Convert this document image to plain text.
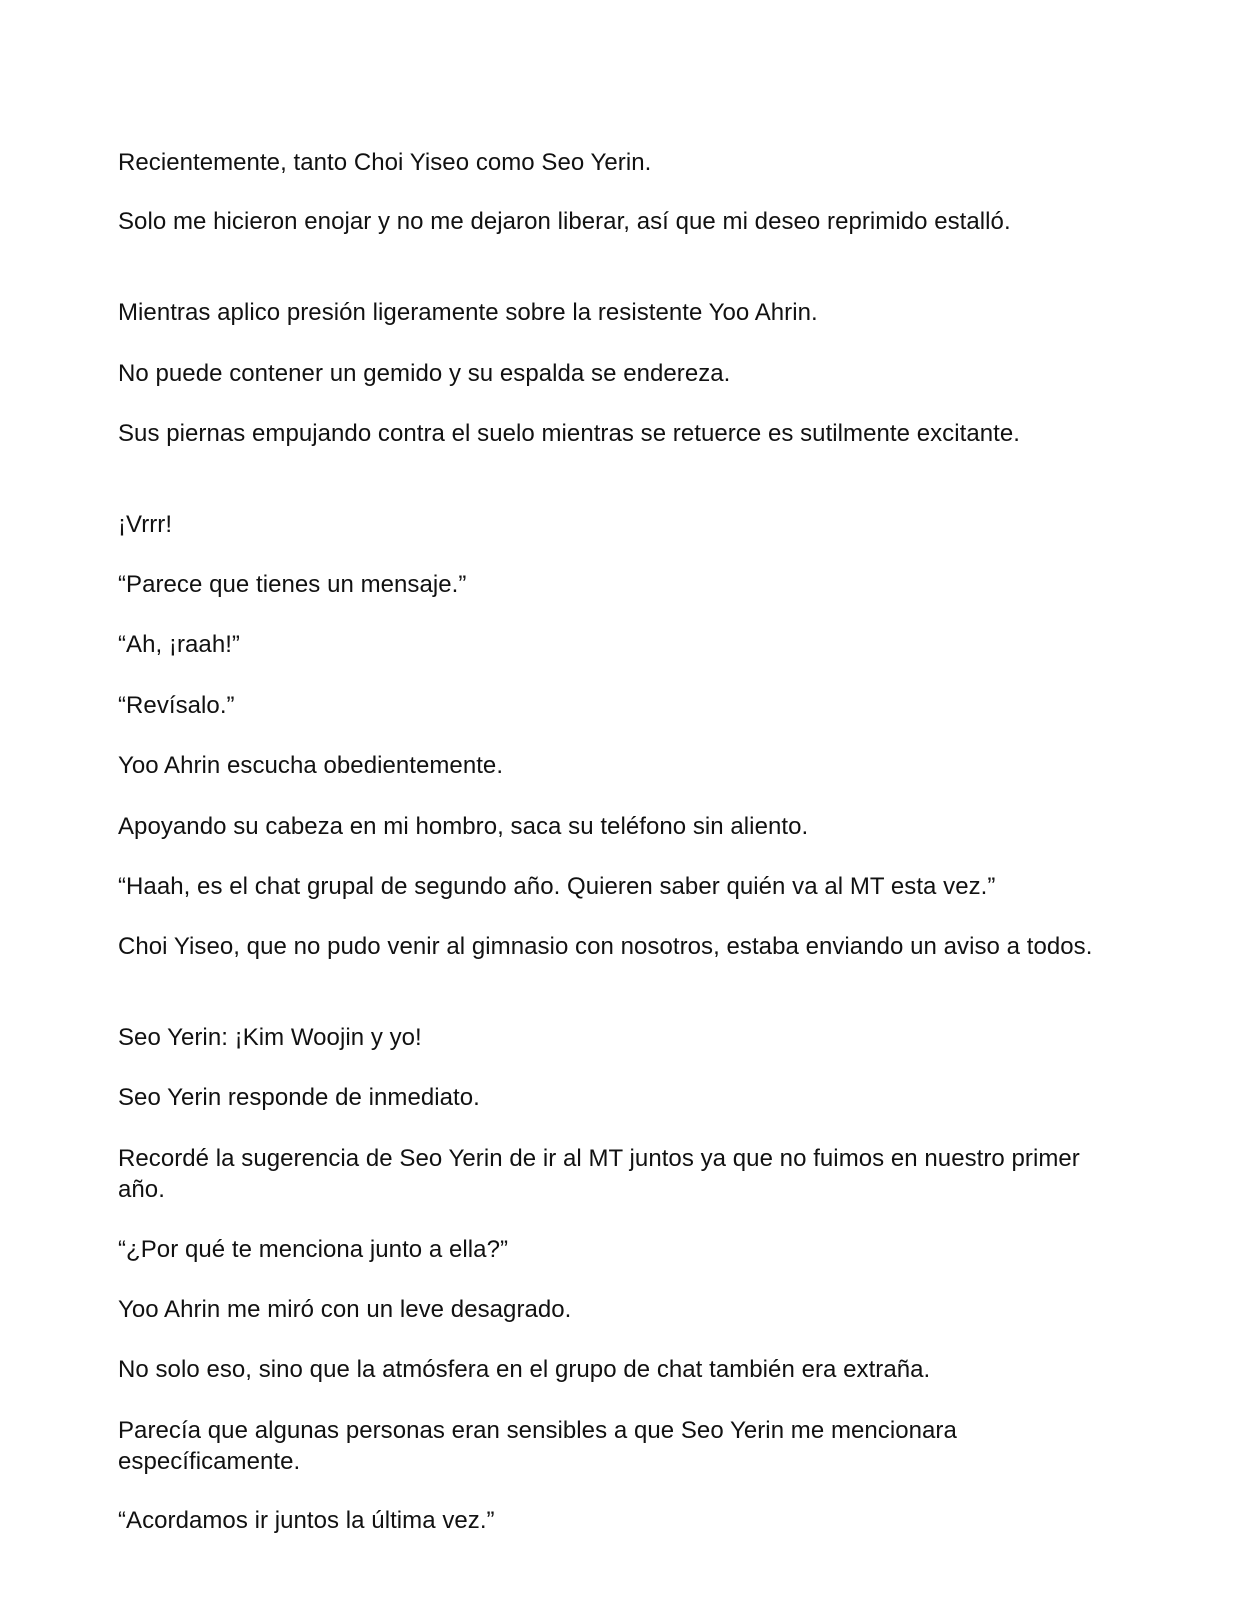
Recientemente, tanto Choi Yiseo como Seo Yerin.

Solo me hicieron enojar y no me dejaron liberar, así que mi deseo reprimido estalló.

Mientras aplico presión ligeramente sobre la resistente Yoo Ahrin.

No puede contener un gemido y su espalda se endereza.

Sus piernas empujando contra el suelo mientras se retuerce es sutilmente excitante.

¡Vrrr!

“Parece que tienes un mensaje.”

“Ah, ¡raah!”

“Revísalo.”

Yoo Ahrin escucha obedientemente.

Apoyando su cabeza en mi hombro, saca su teléfono sin aliento.

“Haah, es el chat grupal de segundo año. Quieren saber quién va al MT esta vez.”

Choi Yiseo, que no pudo venir al gimnasio con nosotros, estaba enviando un aviso a todos.

Seo Yerin: ¡Kim Woojin y yo!

Seo Yerin responde de inmediato.

Recordé la sugerencia de Seo Yerin de ir al MT juntos ya que no fuimos en nuestro primer año.

“¿Por qué te menciona junto a ella?”

Yoo Ahrin me miró con un leve desagrado.

No solo eso, sino que la atmósfera en el grupo de chat también era extraña.

Parecía que algunas personas eran sensibles a que Seo Yerin me mencionara específicamente.

“Acordamos ir juntos la última vez.”
